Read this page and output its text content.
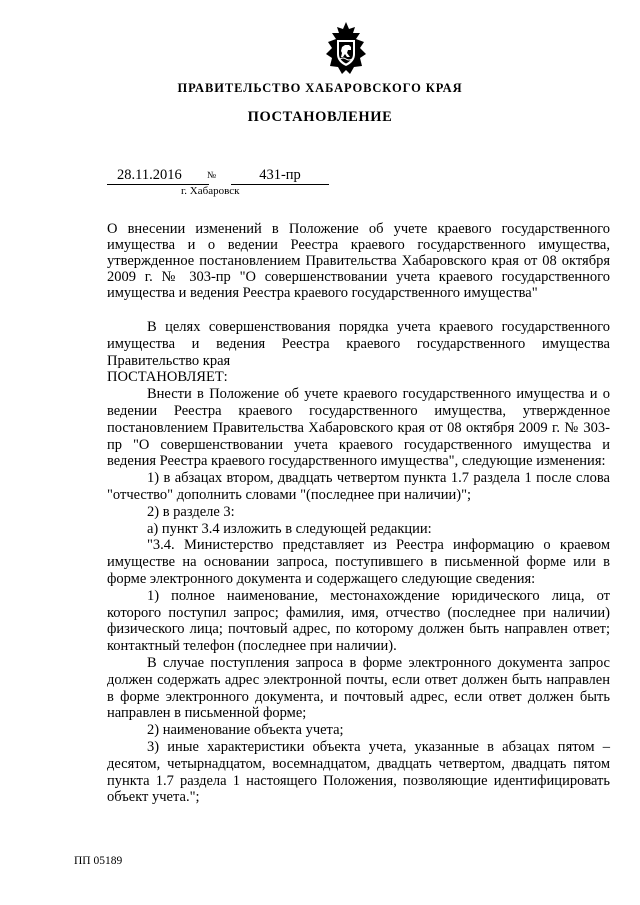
ПРАВИТЕЛЬСТВО ХАБАРОВСКОГО КРАЯ
ПОСТАНОВЛЕНИЕ
28.11.2016	№	431-пр
г. Хабаровск
О внесении изменений в Положение об учете краевого государственного имущества и о ведении Реестра краевого государственного имущества, утвержденное постановлением Правительства Хабаровского края от 08 октября 2009 г. № 303-пр "О совершенствовании учета краевого государственного имущества и ведения Реестра краевого государственного имущества"

В целях совершенствования порядка учета краевого государственного имущества и ведения Реестра краевого государственного имущества Правительство края

ПОСТАНОВЛЯЕТ:

Внести в Положение об учете краевого государственного имущества и о ведении Реестра краевого государственного имущества, утвержденное постановлением Правительства Хабаровского края от 08 октября 2009 г. № 303-пр "О совершенствовании учета краевого государственного имущества и ведения Реестра краевого государственного имущества", следующие изменения:

1) в абзацах втором, двадцать четвертом пункта 1.7 раздела 1 после слова "отчество" дополнить словами "(последнее при наличии)";

2) в разделе 3:

а) пункт 3.4 изложить в следующей редакции:

"3.4. Министерство представляет из Реестра информацию о краевом имуществе на основании запроса, поступившего в письменной форме или в форме электронного документа и содержащего следующие сведения:

1) полное наименование, местонахождение юридического лица, от которого поступил запрос; фамилия, имя, отчество (последнее при наличии) физического лица; почтовый адрес, по которому должен быть направлен ответ; контактный телефон (последнее при наличии).

В случае поступления запроса в форме электронного документа запрос должен содержать адрес электронной почты, если ответ должен быть направлен в форме электронного документа, и почтовый адрес, если ответ должен быть направлен в письменной форме;

2) наименование объекта учета;

3) иные характеристики объекта учета, указанные в абзацах пятом – десятом, четырнадцатом, восемнадцатом, двадцать четвертом, двадцать пятом пункта 1.7 раздела 1 настоящего Положения, позволяющие идентифицировать объект учета.";

ПП 05189
